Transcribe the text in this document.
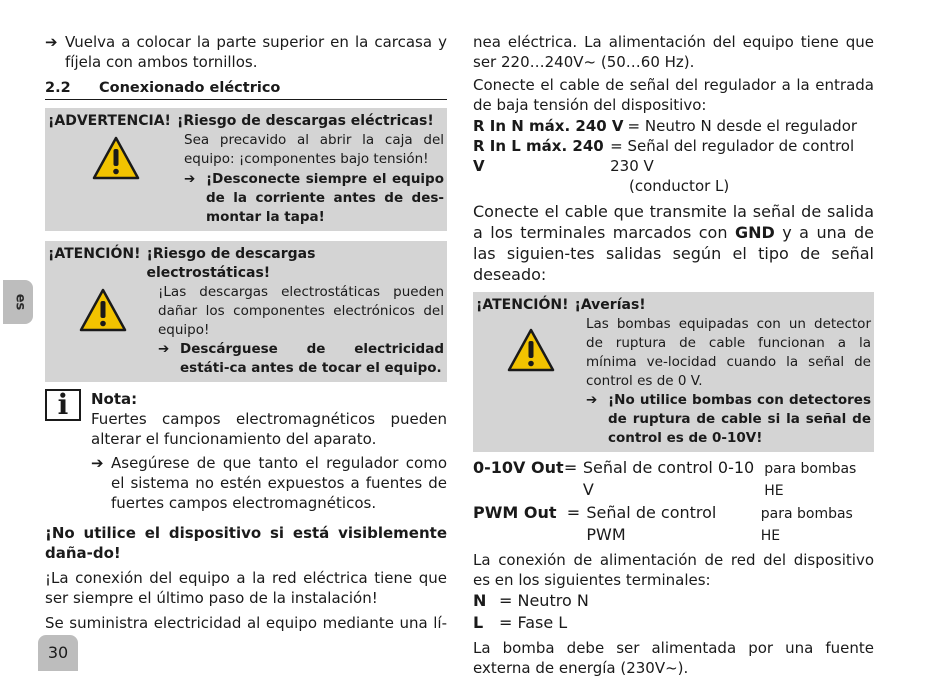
es
➔ Vuelva a colocar la parte superior en la carcasa y fíjela con ambos tornillos.
2.2	Conexionado eléctrico
¡ADVERTENCIA! ¡Riesgo de descargas eléctricas!

Sea precavido al abrir la caja del equipo: ¡componentes bajo tensión!

➔ ¡Desconecte siempre el equipo de la corriente antes de des-montar la tapa!
¡ATENCIÓN! ¡Riesgo de descargas electrostáticas!

¡Las descargas electrostáticas pueden dañar los componentes electrónicos del equipo!

➔ Descárguese de electricidad estáti-ca antes de tocar el equipo.
i	Nota:

Fuertes campos electromagnéticos pueden alterar el funcionamiento del aparato.

➔ Asegúrese de que tanto el regulador como el sistema no estén expuestos a fuentes de fuertes campos electromagnéticos.

¡No utilice el dispositivo si está visiblemente daña-do!

¡La conexión del equipo a la red eléctrica tiene que ser siempre el último paso de la instalación!

Se suministra electricidad al equipo mediante una lí-

nea eléctrica. La alimentación del equipo tiene que ser 220…240V~ (50…60 Hz).

Conecte el cable de señal del regulador a la entrada de baja tensión del dispositivo:

R In N máx. 240 V = Neutro N desde el regulador
R In L máx. 240 V
= Señal del regulador de control 230 V

(conductor L)

Conecte el cable que transmite la señal de salida a los terminales marcados con GND y a una de las siguien-tes salidas según el tipo de señal deseado:

¡ATENCIÓN! ¡Averías!

Las bombas equipadas con un detector de ruptura de cable funcionan a la mínima ve-locidad cuando la señal de control es de 0 V.

➔ ¡No utilice bombas con detectores de ruptura de cable si la señal de control es de 0-10V!
0-10V Out = Señal de control 0-10 V
para bombas HE
PWM Out = Señal de control PWM
para bombas HE

La conexión de alimentación de red del dispositivo es en los siguientes terminales:

N = Neutro N
L = Fase L

La bomba debe ser alimentada por una fuente externa de energía (230V~).

30
